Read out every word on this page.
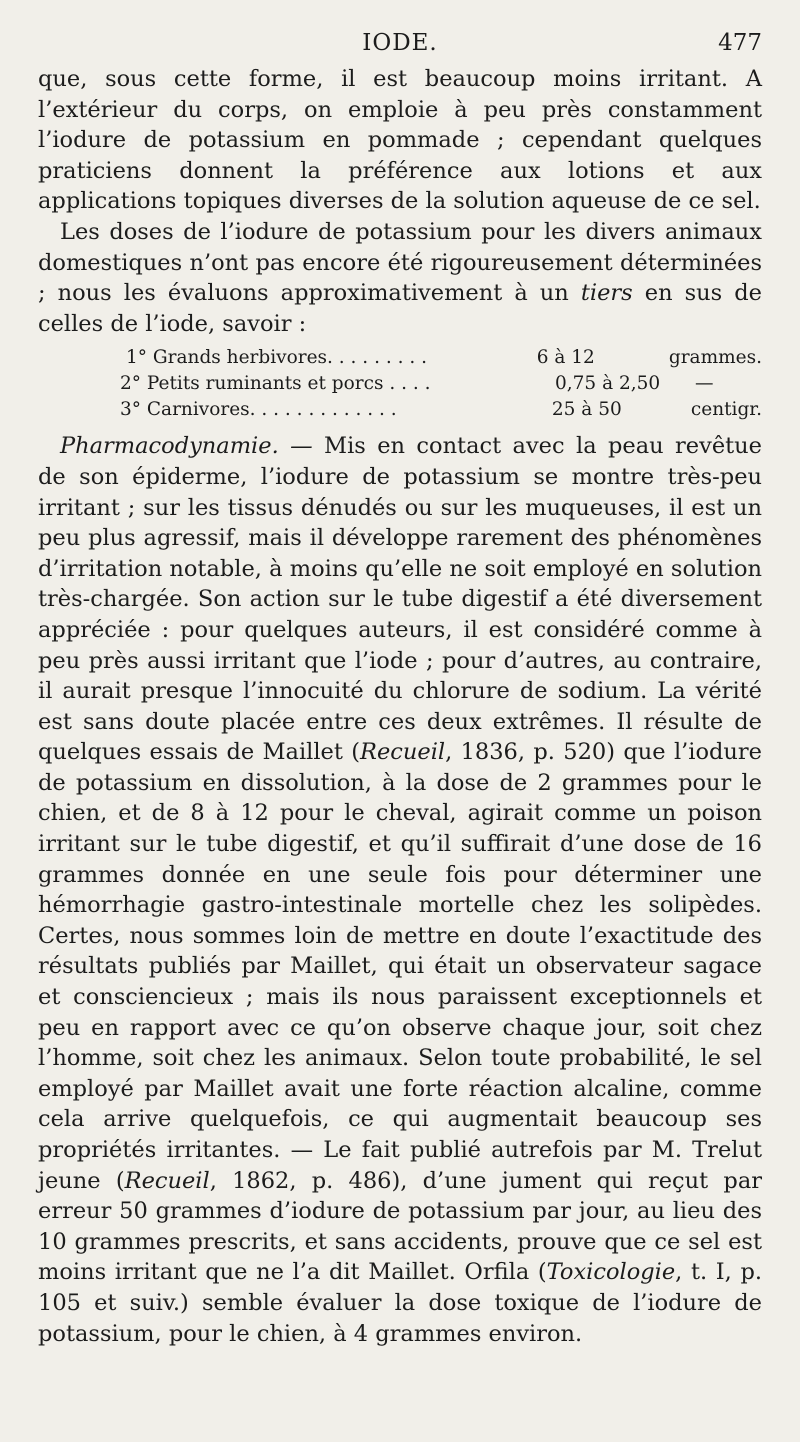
IODE.	477

que, sous cette forme, il est beaucoup moins irritant. A l’extérieur du corps, on emploie à peu près constamment l’iodure de potassium en pommade ; cependant quelques praticiens donnent la préférence aux lotions et aux applications topiques diverses de la solution aqueuse de ce sel.

Les doses de l’iodure de potassium pour les divers animaux domestiques n’ont pas encore été rigoureusement déterminées ; nous les évaluons approximativement à un tiers en sus de celles de l’iode, savoir :

1° Grands herbivores. . . . . . . . .	6 à 12	grammes.
2° Petits ruminants et porcs . . . .	0,75 à 2,50	—
3° Carnivores. . . . . . . . . . . . .	25 à 50	centigr.

Pharmacodynamie. — Mis en contact avec la peau revêtue de son épiderme, l’iodure de potassium se montre très-peu irritant ; sur les tissus dénudés ou sur les muqueuses, il est un peu plus agressif, mais il développe rarement des phénomènes d’irritation notable, à moins qu’elle ne soit employé en solution très-chargée. Son action sur le tube digestif a été diversement appréciée : pour quelques auteurs, il est considéré comme à peu près aussi irritant que l’iode ; pour d’autres, au contraire, il aurait presque l’innocuité du chlorure de sodium. La vérité est sans doute placée entre ces deux extrêmes. Il résulte de quelques essais de Maillet (Recueil, 1836, p. 520) que l’iodure de potassium en dissolution, à la dose de 2 grammes pour le chien, et de 8 à 12 pour le cheval, agirait comme un poison irritant sur le tube digestif, et qu’il suffirait d’une dose de 16 grammes donnée en une seule fois pour déterminer une hémorrhagie gastro-intestinale mortelle chez les solipèdes. Certes, nous sommes loin de mettre en doute l’exactitude des résultats publiés par Maillet, qui était un observateur sagace et consciencieux ; mais ils nous paraissent exceptionnels et peu en rapport avec ce qu’on observe chaque jour, soit chez l’homme, soit chez les animaux. Selon toute probabilité, le sel employé par Maillet avait une forte réaction alcaline, comme cela arrive quelquefois, ce qui augmentait beaucoup ses propriétés irritantes. — Le fait publié autrefois par M. Trelut jeune (Recueil, 1862, p. 486), d’une jument qui reçut par erreur 50 grammes d’iodure de potassium par jour, au lieu des 10 grammes prescrits, et sans accidents, prouve que ce sel est moins irritant que ne l’a dit Maillet. Orfila (Toxicologie, t. I, p. 105 et suiv.) semble évaluer la dose toxique de l’iodure de potassium, pour le chien, à 4 grammes environ.
